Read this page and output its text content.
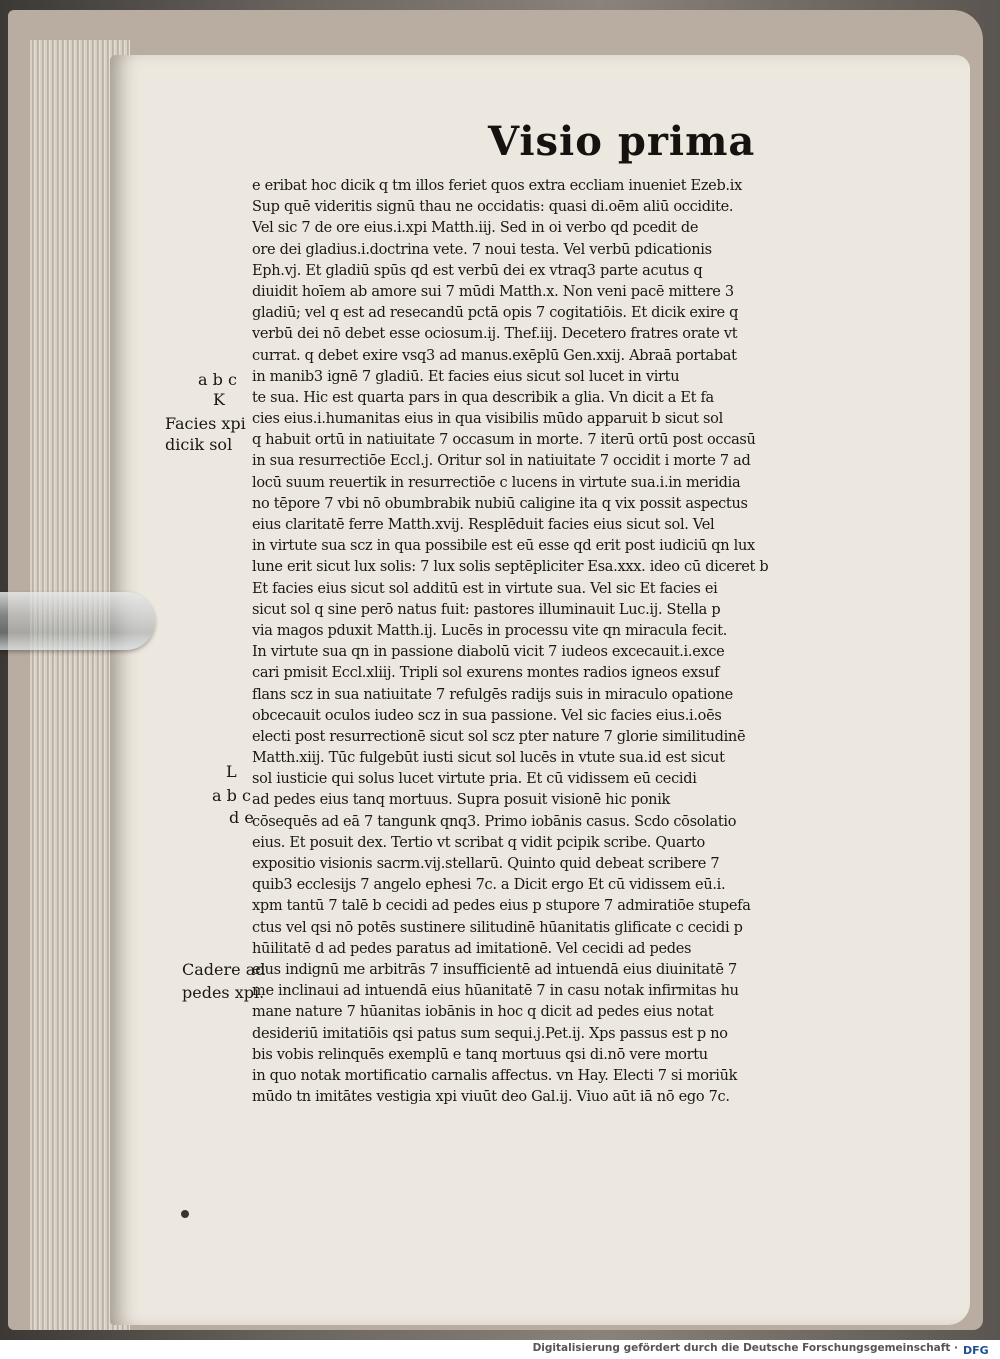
Visio prima
a b c
K
Facies xpi
dicik sol
L
a b c
d e
Cadere ad
pedes xpi.
e eribat hoc dicik q tm illos feriet quos extra eccliam inueniet Ezeb.ix
Sup quē videritis signū thau ne occidatis: quasi di.oēm aliū occidite.
Vel sic 7 de ore eius.i.xpi Matth.iij. Sed in oi verbo qd pcedit de
ore dei gladius.i.doctrina vete. 7 noui testa. Vel verbū pdicationis
Eph.vj. Et gladiū spūs qd est verbū dei ex vtraq3 parte acutus q
diuidit hoīem ab amore sui 7 mūdi Matth.x. Non veni pacē mittere 3
gladiū; vel q est ad resecandū pctā opis 7 cogitatiōis. Et dicik exire q
verbū dei nō debet esse ociosum.ij. Thef.iij. Decetero fratres orate vt
currat. q debet exire vsq3 ad manus.exēplū Gen.xxij. Abraā portabat
in manib3 ignē 7 gladiū. Et facies eius sicut sol lucet in virtu
te sua. Hic est quarta pars in qua describik a glia. Vn dicit a Et fa
cies eius.i.humanitas eius in qua visibilis mūdo apparuit b sicut sol
q habuit ortū in natiuitate 7 occasum in morte. 7 iterū ortū post occasū
in sua resurrectiōe Eccl.j. Oritur sol in natiuitate 7 occidit i morte 7 ad
locū suum reuertik in resurrectiōe c lucens in virtute sua.i.in meridia
no tēpore 7 vbi nō obumbrabik nubiū caligine ita q vix possit aspectus
eius claritatē ferre Matth.xvij. Resplēduit facies eius sicut sol. Vel
in virtute sua scz in qua possibile est eū esse qd erit post iudiciū qn lux
lune erit sicut lux solis: 7 lux solis septēpliciter Esa.xxx. ideo cū diceret b
Et facies eius sicut sol additū est in virtute sua. Vel sic Et facies ei
sicut sol q sine perō natus fuit: pastores illuminauit Luc.ij. Stella p
via magos pduxit Matth.ij. Lucēs in processu vite qn miracula fecit.
In virtute sua qn in passione diabolū vicit 7 iudeos excecauit.i.exce
cari pmisit Eccl.xliij. Tripli sol exurens montes radios igneos exsuf
flans scz in sua natiuitate 7 refulgēs radijs suis in miraculo opatione
obcecauit oculos iudeo scz in sua passione. Vel sic facies eius.i.oēs
electi post resurrectionē sicut sol scz pter nature 7 glorie similitudinē
Matth.xiij. Tūc fulgebūt iusti sicut sol lucēs in vtute sua.id est sicut
sol iusticie qui solus lucet virtute pria. Et cū vidissem eū cecidi
ad pedes eius tanq mortuus. Supra posuit visionē hic ponik
cōsequēs ad eā 7 tangunk qnq3. Primo iobānis casus. Scdo cōsolatio
eius. Et posuit dex. Tertio vt scribat q vidit pcipik scribe. Quarto
expositio visionis sacrm.vij.stellarū. Quinto quid debeat scribere 7
quib3 ecclesijs 7 angelo ephesi 7c. a Dicit ergo Et cū vidissem eū.i.
xpm tantū 7 talē b cecidi ad pedes eius p stupore 7 admiratiōe stupefa
ctus vel qsi nō potēs sustinere silitudinē hūanitatis glificate c cecidi p
hūilitatē d ad pedes paratus ad imitationē. Vel cecidi ad pedes
eius indignū me arbitrās 7 insufficientē ad intuendā eius diuinitatē 7
me inclinaui ad intuendā eius hūanitatē 7 in casu notak infirmitas hu
mane nature 7 hūanitas iobānis in hoc q dicit ad pedes eius notat
desideriū imitatiōis qsi patus sum sequi.j.Pet.ij. Xps passus est p no
bis vobis relinquēs exemplū e tanq mortuus qsi di.nō vere mortu
in quo notak mortificatio carnalis affectus. vn Hay. Electi 7 si moriūk
mūdo tn imitātes vestigia xpi viuūt deo Gal.ij. Viuo aūt iā nō ego 7c.
Digitalisierung gefördert durch die Deutsche Forschungsgemeinschaft · DFG
